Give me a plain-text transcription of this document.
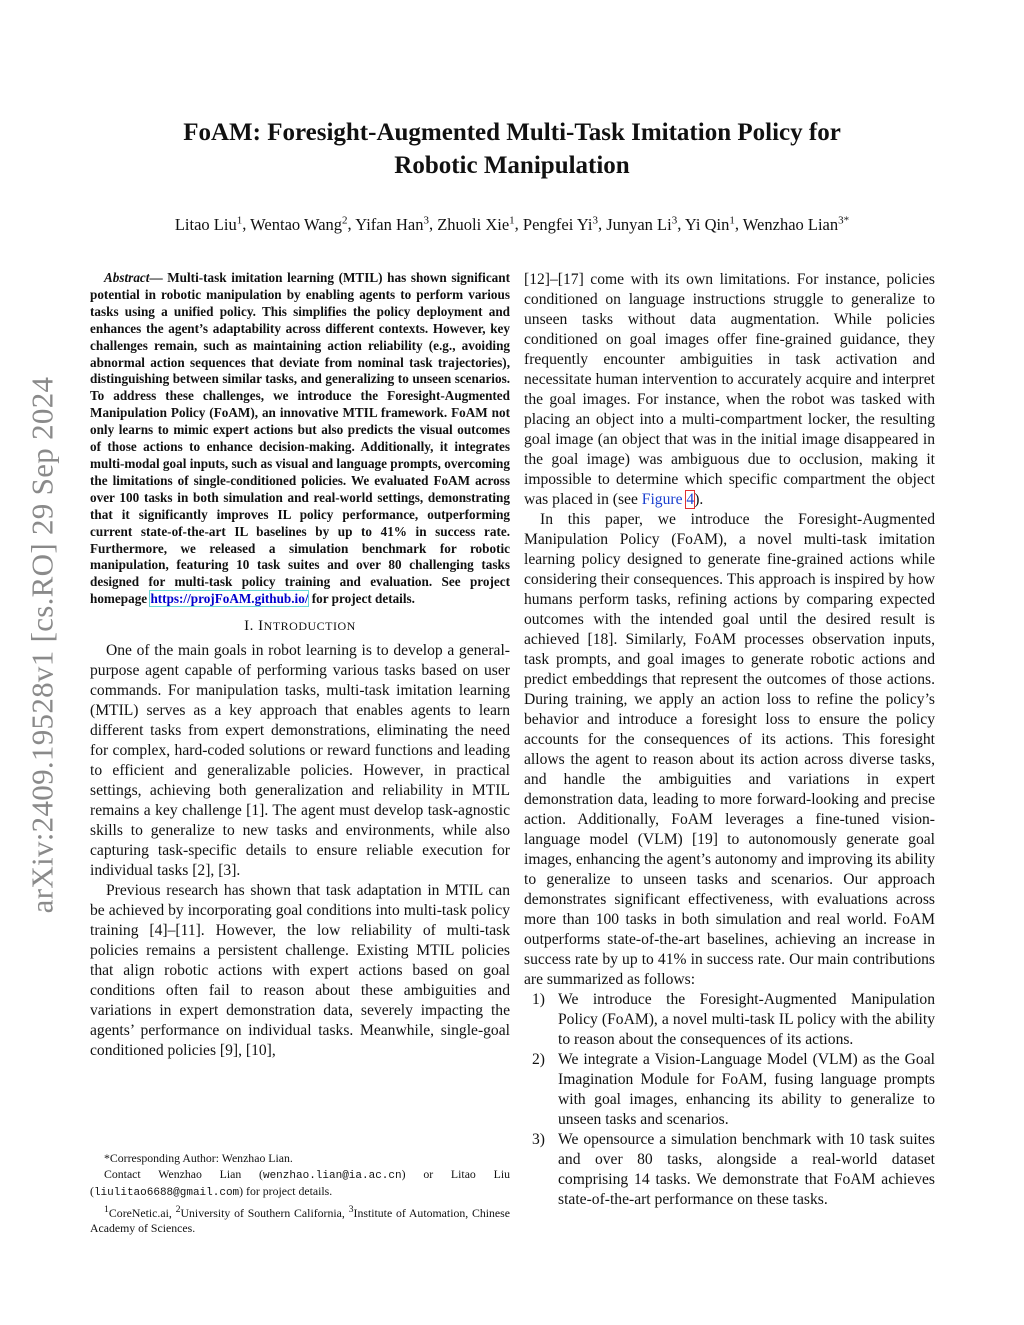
arXiv:2409.19528v1 [cs.RO] 29 Sep 2024
FoAM: Foresight-Augmented Multi-Task Imitation Policy for
Robotic Manipulation
Litao Liu$^1$, Wentao Wang$^2$, Yifan Han$^3$, Zhuoli Xie$^1$, Pengfei Yi$^3$, Junyan Li$^3$, Yi Qin$^1$, Wenzhao Lian$^{3*}$

Abstract— Multi-task imitation learning (MTIL) has shown significant potential in robotic manipulation by enabling agents to perform various tasks using a unified policy. This simplifies the policy deployment and enhances the agent’s adaptability across different contexts. However, key challenges remain, such as maintaining action reliability (e.g., avoiding abnormal action sequences that deviate from nominal task trajectories), distinguishing between similar tasks, and generalizing to unseen scenarios. To address these challenges, we introduce the Foresight-Augmented Manipulation Policy (FoAM), an innovative MTIL framework. FoAM not only learns to mimic expert actions but also predicts the visual outcomes of those actions to enhance decision-making. Additionally, it integrates multi-modal goal inputs, such as visual and language prompts, overcoming the limitations of single-conditioned policies. We evaluated FoAM across over 100 tasks in both simulation and real-world settings, demonstrating that it significantly improves IL policy performance, outperforming current state-of-the-art IL baselines by up to 41% in success rate. Furthermore, we released a simulation benchmark for robotic manipulation, featuring 10 task suites and over 80 challenging tasks designed for multi-task policy training and evaluation. See project homepage https://projFoAM.github.io/ for project details.

I. INTRODUCTION

One of the main goals in robot learning is to develop a general-purpose agent capable of performing various tasks based on user commands. For manipulation tasks, multi-task imitation learning (MTIL) serves as a key approach that enables agents to learn different tasks from expert demonstrations, eliminating the need for complex, hard-coded solutions or reward functions and leading to efficient and generalizable policies. However, in practical settings, achieving both generalization and reliability in MTIL remains a key challenge [1]. The agent must develop task-agnostic skills to generalize to new tasks and environments, while also capturing task-specific details to ensure reliable execution for individual tasks [2], [3].

Previous research has shown that task adaptation in MTIL can be achieved by incorporating goal conditions into multi-task policy training [4]–[11]. However, the low reliability of multi-task policies remains a persistent challenge. Existing MTIL policies that align robotic actions with expert actions based on goal conditions often fail to reason about these ambiguities and variations in expert demonstration data, severely impacting the agents’ performance on individual tasks. Meanwhile, single-goal conditioned policies [9], [10],

*Corresponding Author: Wenzhao Lian.

Contact Wenzhao Lian (wenzhao.lian@ia.ac.cn) or Litao Liu (liulitao6688@gmail.com) for project details.

$^1$CoreNetic.ai, $^2$University of Southern California, $^3$Institute of Automation, Chinese Academy of Sciences.

[12]–[17] come with its own limitations. For instance, policies conditioned on language instructions struggle to generalize to unseen tasks without data augmentation. While policies conditioned on goal images offer fine-grained guidance, they frequently encounter ambiguities in task activation and necessitate human intervention to accurately acquire and interpret the goal images. For instance, when the robot was tasked with placing an object into a multi-compartment locker, the resulting goal image (an object that was in the initial image disappeared in the goal image) was ambiguous due to occlusion, making it impossible to determine which specific compartment the object was placed in (see Figure 4).

In this paper, we introduce the Foresight-Augmented Manipulation Policy (FoAM), a novel multi-task imitation learning policy designed to generate fine-grained actions while considering their consequences. This approach is inspired by how humans perform tasks, refining actions by comparing expected outcomes with the intended goal until the desired result is achieved [18]. Similarly, FoAM processes observation inputs, task prompts, and goal images to generate robotic actions and predict embeddings that represent the outcomes of those actions. During training, we apply an action loss to refine the policy’s behavior and introduce a foresight loss to ensure the policy accounts for the consequences of its actions. This foresight allows the agent to reason about its action across diverse tasks, and handle the ambiguities and variations in expert demonstration data, leading to more forward-looking and precise action. Additionally, FoAM leverages a fine-tuned vision-language model (VLM) [19] to autonomously generate goal images, enhancing the agent’s autonomy and improving its ability to generalize to unseen tasks and scenarios. Our approach demonstrates significant effectiveness, with evaluations across more than 100 tasks in both simulation and real world. FoAM outperforms state-of-the-art baselines, achieving an increase in success rate by up to 41% in success rate. Our main contributions are summarized as follows:

1) We introduce the Foresight-Augmented Manipulation Policy (FoAM), a novel multi-task IL policy with the ability to reason about the consequences of its actions.
2) We integrate a Vision-Language Model (VLM) as the Goal Imagination Module for FoAM, fusing language prompts with goal images, enhancing its ability to generalize to unseen tasks and scenarios.
3) We opensource a simulation benchmark with 10 task suites and over 80 tasks, alongside a real-world dataset comprising 14 tasks. We demonstrate that FoAM achieves state-of-the-art performance on these tasks.
